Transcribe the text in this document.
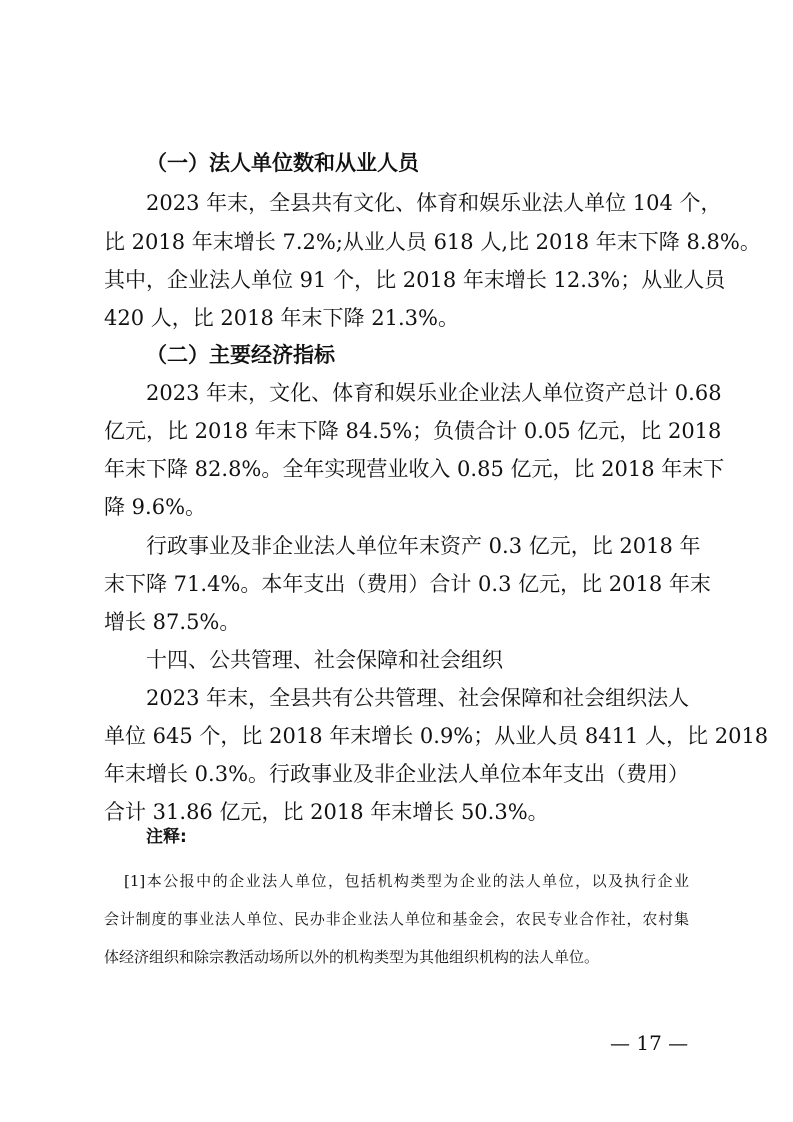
（一）法人单位数和从业人员
2023 年末，全县共有文化、体育和娱乐业法人单位 104 个，
比 2018 年末增长 7.2%;从业人员 618 人,比 2018 年末下降 8.8%。
其中，企业法人单位 91 个，比 2018 年末增长 12.3%；从业人员
420 人，比 2018 年末下降 21.3%。
（二）主要经济指标
2023 年末，文化、体育和娱乐业企业法人单位资产总计 0.68
亿元，比 2018 年末下降 84.5%；负债合计 0.05 亿元，比 2018
年末下降 82.8%。全年实现营业收入 0.85 亿元，比 2018 年末下
降 9.6%。
行政事业及非企业法人单位年末资产 0.3 亿元，比 2018 年
末下降 71.4%。本年支出（费用）合计 0.3 亿元，比 2018 年末
增长 87.5%。
十四、公共管理、社会保障和社会组织
2023 年末，全县共有公共管理、社会保障和社会组织法人
单位 645 个，比 2018 年末增长 0.9%；从业人员 8411 人，比 2018
年末增长 0.3%。行政事业及非企业法人单位本年支出（费用）
合计 31.86 亿元，比 2018 年末增长 50.3%。
注释:
[1]本公报中的企业法人单位，包括机构类型为企业的法人单位，以及执行企业
会计制度的事业法人单位、民办非企业法人单位和基金会，农民专业合作社，农村集
体经济组织和除宗教活动场所以外的机构类型为其他组织机构的法人单位。
— 17 —
